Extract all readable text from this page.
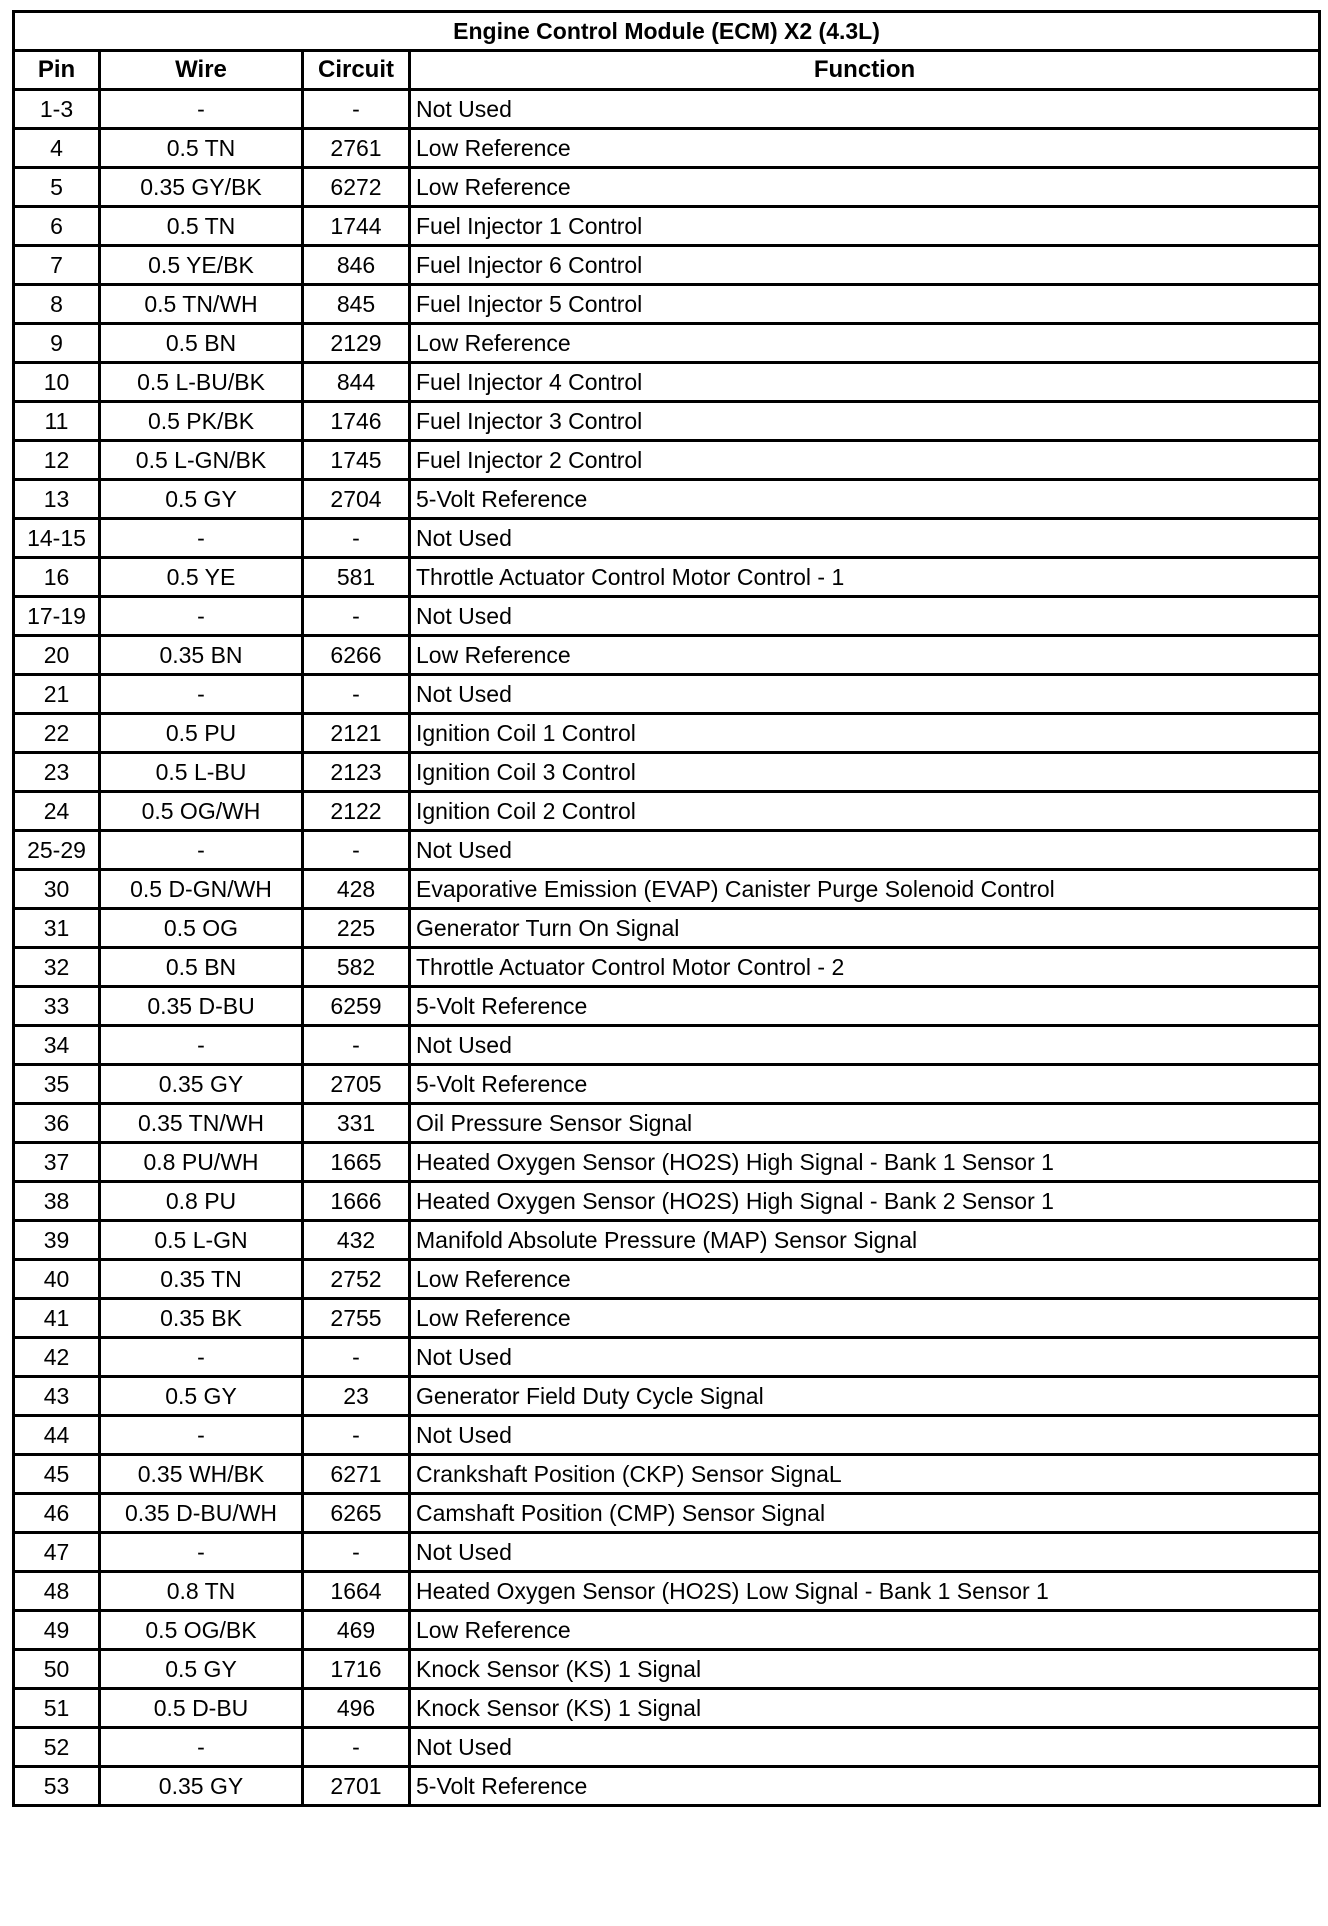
Engine Control Module (ECM) X2 (4.3L)			
Pin	Wire	Circuit	Function
1-3	-	-	Not Used
4	0.5 TN	2761	Low Reference
5	0.35 GY/BK	6272	Low Reference
6	0.5 TN	1744	Fuel Injector 1 Control
7	0.5 YE/BK	846	Fuel Injector 6 Control
8	0.5 TN/WH	845	Fuel Injector 5 Control
9	0.5 BN	2129	Low Reference
10	0.5 L-BU/BK	844	Fuel Injector 4 Control
11	0.5 PK/BK	1746	Fuel Injector 3 Control
12	0.5 L-GN/BK	1745	Fuel Injector 2 Control
13	0.5 GY	2704	5-Volt Reference
14-15	-	-	Not Used
16	0.5 YE	581	Throttle Actuator Control Motor Control - 1
17-19	-	-	Not Used
20	0.35 BN	6266	Low Reference
21	-	-	Not Used
22	0.5 PU	2121	Ignition Coil 1 Control
23	0.5 L-BU	2123	Ignition Coil 3 Control
24	0.5 OG/WH	2122	Ignition Coil 2 Control
25-29	-	-	Not Used
30	0.5 D-GN/WH	428	Evaporative Emission (EVAP) Canister Purge Solenoid Control
31	0.5 OG	225	Generator Turn On Signal
32	0.5 BN	582	Throttle Actuator Control Motor Control - 2
33	0.35 D-BU	6259	5-Volt Reference
34	-	-	Not Used
35	0.35 GY	2705	5-Volt Reference
36	0.35 TN/WH	331	Oil Pressure Sensor Signal
37	0.8 PU/WH	1665	Heated Oxygen Sensor (HO2S) High Signal - Bank 1 Sensor 1
38	0.8 PU	1666	Heated Oxygen Sensor (HO2S) High Signal - Bank 2 Sensor 1
39	0.5 L-GN	432	Manifold Absolute Pressure (MAP) Sensor Signal
40	0.35 TN	2752	Low Reference
41	0.35 BK	2755	Low Reference
42	-	-	Not Used
43	0.5 GY	23	Generator Field Duty Cycle Signal
44	-	-	Not Used
45	0.35 WH/BK	6271	Crankshaft Position (CKP) Sensor SignaL
46	0.35 D-BU/WH	6265	Camshaft Position (CMP) Sensor Signal
47	-	-	Not Used
48	0.8 TN	1664	Heated Oxygen Sensor (HO2S) Low Signal - Bank 1 Sensor 1
49	0.5 OG/BK	469	Low Reference
50	0.5 GY	1716	Knock Sensor (KS) 1 Signal
51	0.5 D-BU	496	Knock Sensor (KS) 1 Signal
52	-	-	Not Used
53	0.35 GY	2701	5-Volt Reference
